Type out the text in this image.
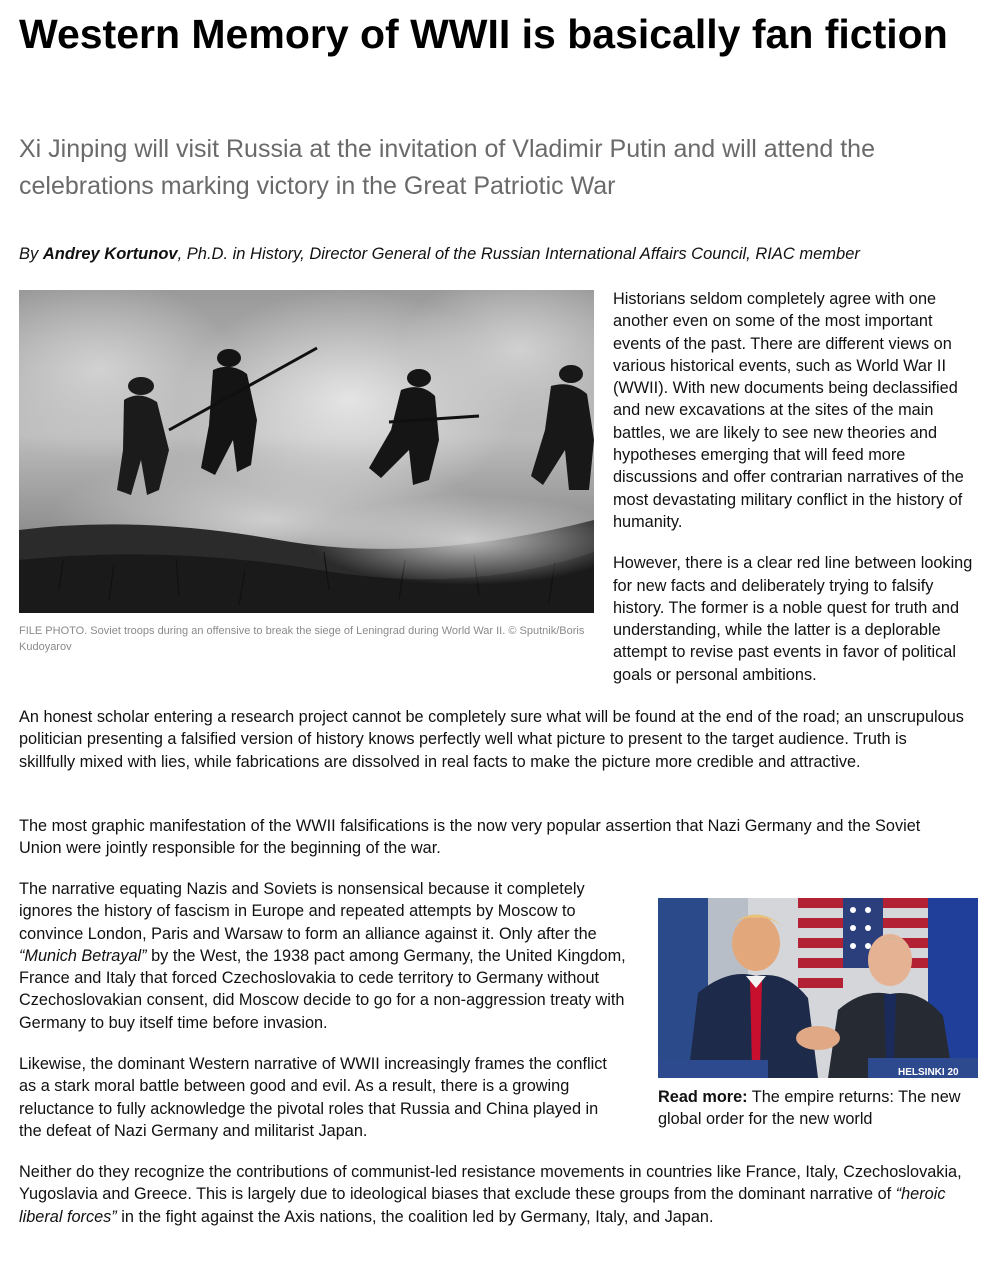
Western Memory of WWII is basically fan fiction

Xi Jinping will visit Russia at the invitation of Vladimir Putin and will attend the celebrations marking victory in the Great Patriotic War

By Andrey Kortunov, Ph.D. in History, Director General of the Russian International Affairs Council, RIAC member

FILE PHOTO. Soviet troops during an offensive to break the siege of Leningrad during World War II. © Sputnik/Boris Kudoyarov

Historians seldom completely agree with one another even on some of the most important events of the past. There are different views on various historical events, such as World War II (WWII). With new documents being declassified and new excavations at the sites of the main battles, we are likely to see new theories and hypotheses emerging that will feed more discussions and offer contrarian narratives of the most devastating military conflict in the history of humanity.

However, there is a clear red line between looking for new facts and deliberately trying to falsify history. The former is a noble quest for truth and understanding, while the latter is a deplorable attempt to revise past events in favor of political goals or personal ambitions.

An honest scholar entering a research project cannot be completely sure what will be found at the end of the road; an unscrupulous politician presenting a falsified version of history knows perfectly well what picture to present to the target audience. Truth is skillfully mixed with lies, while fabrications are dissolved in real facts to make the picture more credible and attractive.

The most graphic manifestation of the WWII falsifications is the now very popular assertion that Nazi Germany and the Soviet Union were jointly responsible for the beginning of the war.

The narrative equating Nazis and Soviets is nonsensical because it completely ignores the history of fascism in Europe and repeated attempts by Moscow to convince London, Paris and Warsaw to form an alliance against it. Only after the “Munich Betrayal” by the West, the 1938 pact among Germany, the United Kingdom, France and Italy that forced Czechoslovakia to cede territory to Germany without Czechoslovakian consent, did Moscow decide to go for a non-aggression treaty with Germany to buy itself time before invasion.

Likewise, the dominant Western narrative of WWII increasingly frames the conflict as a stark moral battle between good and evil. As a result, there is a growing reluctance to fully acknowledge the pivotal roles that Russia and China played in the defeat of Nazi Germany and militarist Japan.

Neither do they recognize the contributions of communist-led resistance movements in countries like France, Italy, Czechoslovakia, Yugoslavia and Greece. This is largely due to ideological biases that exclude these groups from the dominant narrative of “heroic liberal forces” in the fight against the Axis nations, the coalition led by Germany, Italy, and Japan.

HELSINKI 20

Read more: The empire returns: The new global order for the new world
